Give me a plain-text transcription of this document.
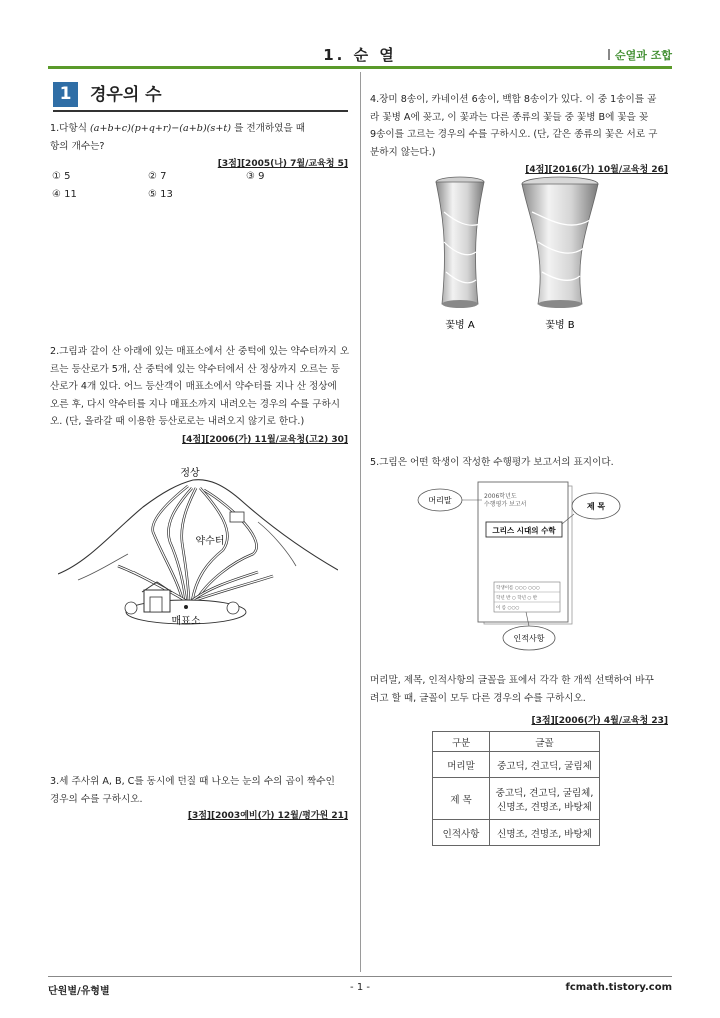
1. 순 열	순열과 조합
1	경우의 수
1.다항식 (a+b+c)(p+q+r)−(a+b)(s+t) 를 전개하였을 때
항의 개수는?
[3점][2005(나) 7월/교육청 5]
① 5	② 7	③ 9
④ 11	⑤ 13
2.그림과 같이 산 아래에 있는 매표소에서 산 중턱에 있는 약수터까지 오
르는 등산로가 5개, 산 중턱에 있는 약수터에서 산 정상까지 오르는 등
산로가 4개 있다. 어느 등산객이 매표소에서 약수터를 지나 산 정상에
오른 후, 다시 약수터를 지나 매표소까지 내려오는 경우의 수를 구하시
오. (단, 올라갈 때 이용한 등산로로는 내려오지 않기로 한다.)
[4점][2006(가) 11월/교육청(고2) 30]
정상
약수터
매표소
3.세 주사위 A, B, C를 동시에 던질 때 나오는 눈의 수의 곱이 짝수인
경우의 수를 구하시오.
[3점][2003예비(가) 12월/평가원 21]
4.장미 8송이, 카네이션 6송이, 백합 8송이가 있다. 이 중 1송이를 골
라 꽃병 A에 꽂고, 이 꽃과는 다른 종류의 꽃들 중 꽃병 B에 꽃을 꽂
9송이를 고르는 경우의 수를 구하시오. (단, 같은 종류의 꽃은 서로 구
분하지 않는다.)
[4점][2016(가) 10월/교육청 26]
꽃병 A	꽃병 B
5.그림은 어떤 학생이 작성한 수행평가 보고서의 표지이다.
2006학년도
수행평가 보고서
그리스 시대의 수학
학생이름 ○○○ ○○○
학년 반 ○ 학년 ○ 반
이 름 ○○○
머리말
제 목
인적사항
머리말, 제목, 인적사항의 글꼴을 표에서 각각 한 개씩 선택하여 바꾸
려고 할 때, 글꼴이 모두 다른 경우의 수를 구하시오.
[3점][2006(가) 4월/교육청 23]
구분	글꼴
머리말	중고딕, 견고딕, 굴림체
제 목	중고딕, 견고딕, 굴림체,
신명조, 견명조, 바탕체

인적사항	신명조, 견명조, 바탕체
단원별/유형별	- 1 -	fcmath.tistory.com
